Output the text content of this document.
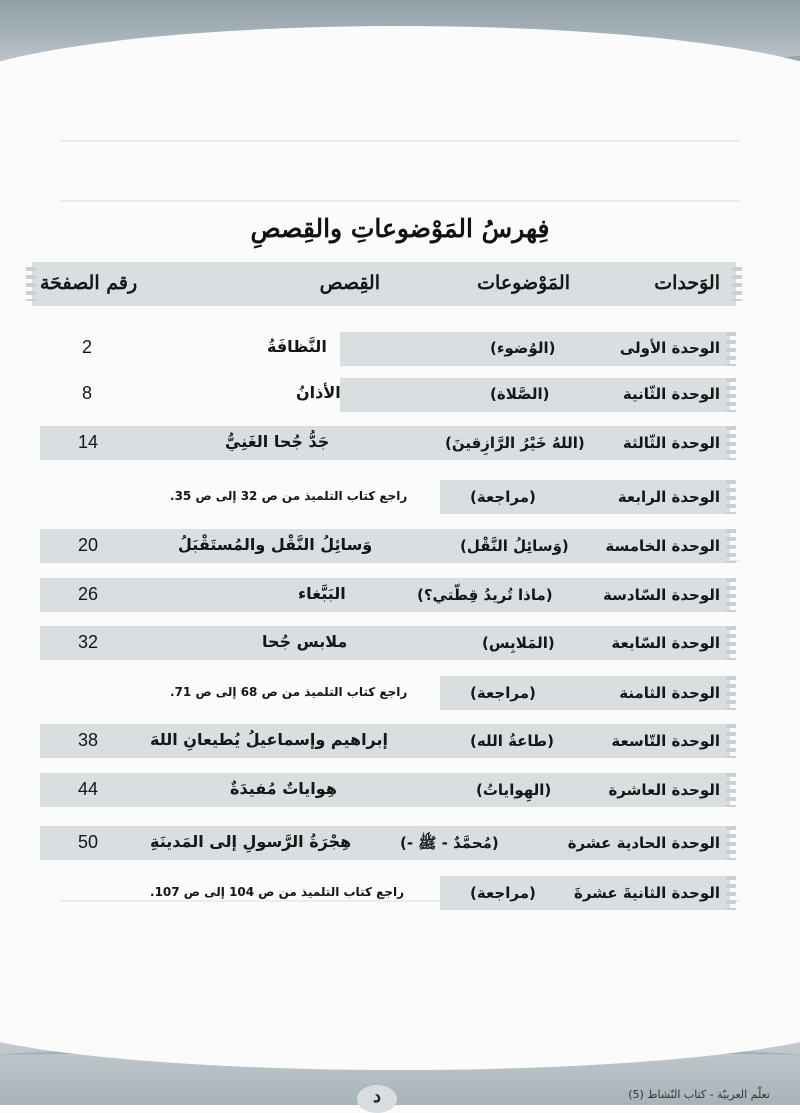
فِهرسُ المَوْضوعاتِ والقِصصِ
الوَحدات
المَوْضوعات
القِصص
رقم الصفحَة
الوحدة الأولى
(الوُضوء)
النَّظافَةُ
2
الوحدة الثّانية
(الصَّلاة)
الأذانُ
8
الوحدة الثّالثة
(اللهُ خَيْرُ الرَّازِقينَ)
جَدُّ جُحا الغَنِيُّ
14
الوحدة الرابعة
(مراجعة)
راجع كتاب التلميذ من ص 32 إلى ص 35.
الوحدة الخامسة
(وَسائِلُ النَّقْل)
وَسائِلُ النَّقْل والمُستَقْبَلُ
20
الوحدة السّادسة
(ماذا تُريدُ قِطّتي؟)
البَبَّغاء
26
الوحدة السّابعة
(المَلابِس)
ملابس جُحا
32
الوحدة الثامنة
(مراجعة)
راجع كتاب التلميذ من ص 68 إلى ص 71.
الوحدة التّاسعة
(طاعةُ الله)
إبراهيم وإسماعيلُ يُطيعانِ اللهَ
38
الوحدة العاشرة
(الهِواياتُ)
هِواياتٌ مُفيدَةٌ
44
الوحدة الحادية عشرة
(مُحمَّدٌ - ﷺ -)
هِجْرَةُ الرَّسولِ إلى المَدينَةِ
50
الوحدة الثانيةَ عشرةَ
(مراجعة)
راجع كتاب التلميذ من ص 104 إلى ص 107.
د	تعلّم العربيّة - كتاب النّشاط (5)
